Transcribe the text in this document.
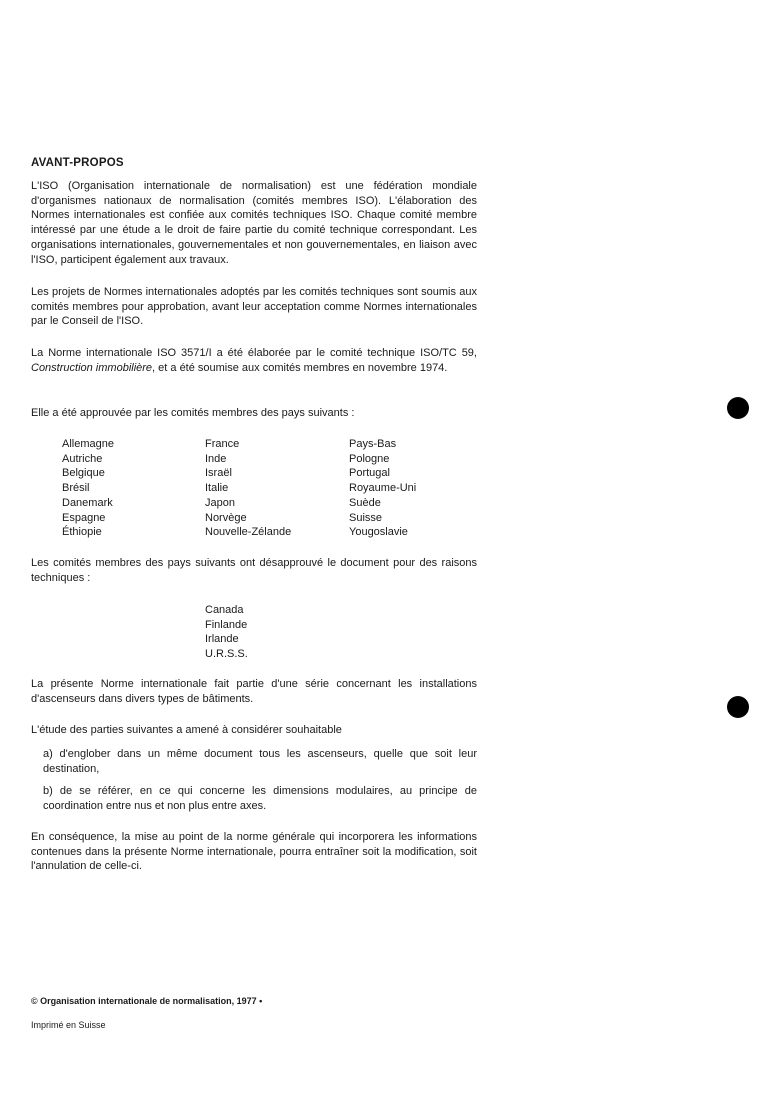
AVANT-PROPOS

L'ISO (Organisation internationale de normalisation) est une fédération mondiale d'organismes nationaux de normalisation (comités membres ISO). L'élaboration des Normes internationales est confiée aux comités techniques ISO. Chaque comité membre intéressé par une étude a le droit de faire partie du comité technique correspondant. Les organisations internationales, gouvernementales et non gouvernementales, en liaison avec l'ISO, participent également aux travaux.

Les projets de Normes internationales adoptés par les comités techniques sont soumis aux comités membres pour approbation, avant leur acceptation comme Normes internationales par le Conseil de l'ISO.

La Norme internationale ISO 3571/I a été élaborée par le comité technique ISO/TC 59, Construction immobilière, et a été soumise aux comités membres en novembre 1974.

Elle a été approuvée par les comités membres des pays suivants :

Allemagne
Autriche
Belgique
Brésil
Danemark
Espagne
Éthiopie
France
Inde
Israël
Italie
Japon
Norvège
Nouvelle-Zélande
Pays-Bas
Pologne
Portugal
Royaume-Uni
Suède
Suisse
Yougoslavie

Les comités membres des pays suivants ont désapprouvé le document pour des raisons techniques :

Canada
Finlande
Irlande
U.R.S.S.

La présente Norme internationale fait partie d'une série concernant les installations d'ascenseurs dans divers types de bâtiments.

L'étude des parties suivantes a amené à considérer souhaitable

a) d'englober dans un même document tous les ascenseurs, quelle que soit leur destination,

b) de se référer, en ce qui concerne les dimensions modulaires, au principe de coordination entre nus et non plus entre axes.

En conséquence, la mise au point de la norme générale qui incorporera les informations contenues dans la présente Norme internationale, pourra entraîner soit la modification, soit l'annulation de celle-ci.

© Organisation internationale de normalisation, 1977 •
Imprimé en Suisse
